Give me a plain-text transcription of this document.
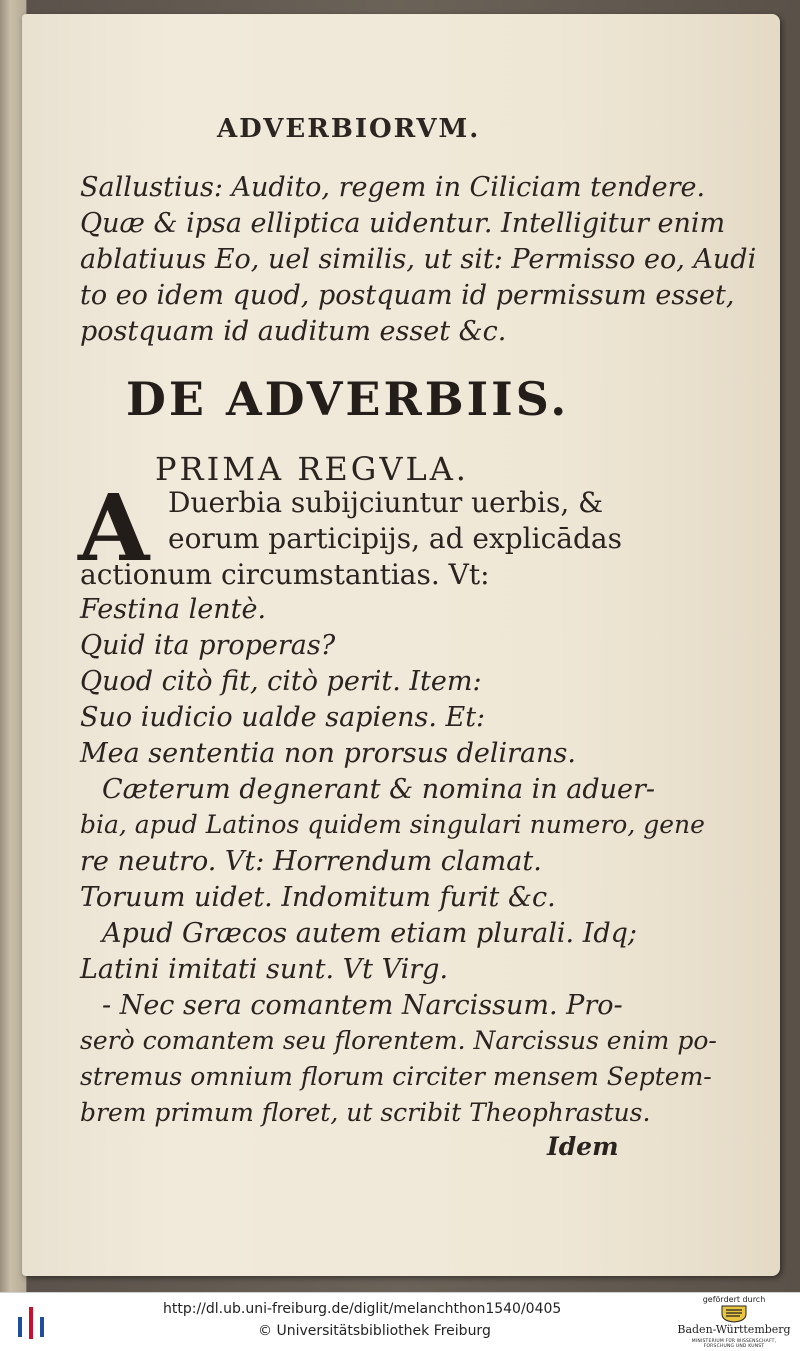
ADVERBIORVM.
Sallustius: Audito, regem in Ciliciam tendere.
Quæ & ipsa elliptica uidentur. Intelligitur enim
ablatiuus Eo, uel similis, ut sit: Permisso eo, Audi
to eo idem quod, postquam id permissum esset,
postquam id auditum esset &c.
DE ADVERBIIS.
PRIMA REGVLA.
A Duerbia subijciuntur uerbis, &
eorum participijs, ad explicādas
actionum circumstantias. Vt:
Festina lentè.
Quid ita properas?
Quod citò fit, citò perit. Item:
Suo iudicio ualde sapiens. Et:
Mea sententia non prorsus delirans.
Cæterum degnerant & nomina in aduer-
bia, apud Latinos quidem singulari numero, gene
re neutro. Vt: Horrendum clamat.
Toruum uidet. Indomitum furit &c.
Apud Græcos autem etiam plurali. Idq;
Latini imitati sunt. Vt Virg.
- Nec sera comantem Narcissum. Pro-
serò comantem seu florentem. Narcissus enim po-
stremus omnium florum circiter mensem Septem-
brem primum floret, ut scribit Theophrastus.
Idem
http://dl.ub.uni-freiburg.de/diglit/melanchthon1540/0405
© Universitätsbibliothek Freiburg
gefördert durch
Baden-Württemberg
MINISTERIUM FÜR WISSENSCHAFT, FORSCHUNG UND KUNST
